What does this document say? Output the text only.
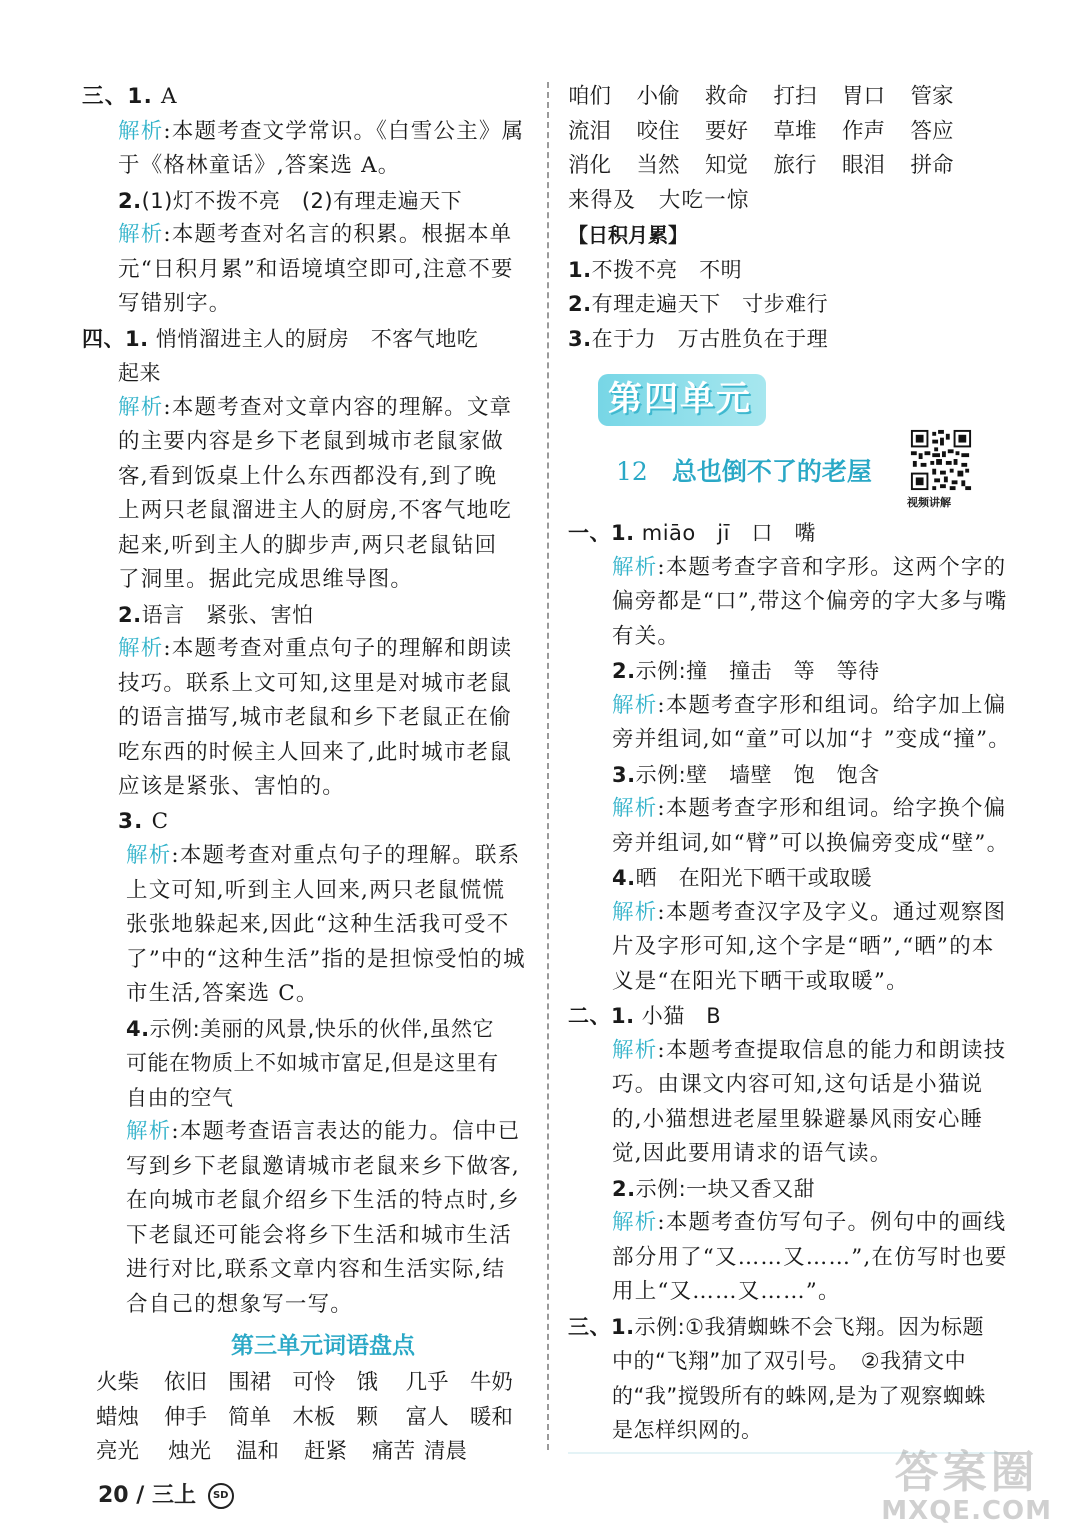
三、1. A
解析:本题考查文学常识。《白雪公主》属
于《格林童话》,答案选 A。
2.(1)灯不拨不亮　(2)有理走遍天下
解析:本题考查对名言的积累。根据本单
元“日积月累”和语境填空即可,注意不要
写错别字。
四、1. 悄悄溜进主人的厨房　不客气地吃
起来
解析:本题考查对文章内容的理解。文章
的主要内容是乡下老鼠到城市老鼠家做
客,看到饭桌上什么东西都没有,到了晚
上两只老鼠溜进主人的厨房,不客气地吃
起来,听到主人的脚步声,两只老鼠钻回
了洞里。据此完成思维导图。
2.语言　紧张、害怕
解析:本题考查对重点句子的理解和朗读
技巧。联系上文可知,这里是对城市老鼠
的语言描写,城市老鼠和乡下老鼠正在偷
吃东西的时候主人回来了,此时城市老鼠
应该是紧张、害怕的。
3. C
解析:本题考查对重点句子的理解。联系
上文可知,听到主人回来,两只老鼠慌慌
张张地躲起来,因此“这种生活我可受不
了”中的“这种生活”指的是担惊受怕的城
市生活,答案选 C。
4.示例:美丽的风景,快乐的伙伴,虽然它
可能在物质上不如城市富足,但是这里有
自由的空气
解析:本题考查语言表达的能力。信中已
写到乡下老鼠邀请城市老鼠来乡下做客,
在向城市老鼠介绍乡下生活的特点时,乡
下老鼠还可能会将乡下生活和城市生活
进行对比,联系文章内容和生活实际,结
合自己的想象写一写。
第三单元词语盘点
火柴	依旧 围裙 可怜 饿	几乎 牛奶
蜡烛	伸手 简单 木板 颗	富人 暖和
亮光	烛光	温和	赶紧	痛苦 清晨
咱们	小偷	救命	打扫	胃口	管家
流泪	咬住	要好	草堆	作声	答应
消化	当然	知觉	旅行	眼泪	拼命
来得及　大吃一惊
【日积月累】
1.不拨不亮　不明
2.有理走遍天下　寸步难行
3.在于力　万古胜负在于理
第四单元
12 总也倒不了的老屋
视频讲解
一、1. miāo　jī　口　嘴
解析:本题考查字音和字形。这两个字的
偏旁都是“口”,带这个偏旁的字大多与嘴
有关。
2.示例:撞　撞击　等　等待
解析:本题考查字形和组词。给字加上偏
旁并组词,如“童”可以加“扌”变成“撞”。
3.示例:壁　墙壁　饱　饱含
解析:本题考查字形和组词。给字换个偏
旁并组词,如“臂”可以换偏旁变成“壁”。
4.晒　在阳光下晒干或取暖
解析:本题考查汉字及字义。通过观察图
片及字形可知,这个字是“晒”,“晒”的本
义是“在阳光下晒干或取暖”。
二、1. 小猫　B
解析:本题考查提取信息的能力和朗读技
巧。由课文内容可知,这句话是小猫说
的,小猫想进老屋里躲避暴风雨安心睡
觉,因此要用请求的语气读。
2.示例:一块又香又甜
解析:本题考查仿写句子。例句中的画线
部分用了“又……又……”,在仿写时也要
用上“又……又……”。
三、1.示例:①我猜蜘蛛不会飞翔。因为标题
中的“飞翔”加了双引号。　②我猜文中
的“我”搅毁所有的蛛网,是为了观察蜘蛛
是怎样织网的。
20 / 三上 SD	答案圈
MXQE.COM
